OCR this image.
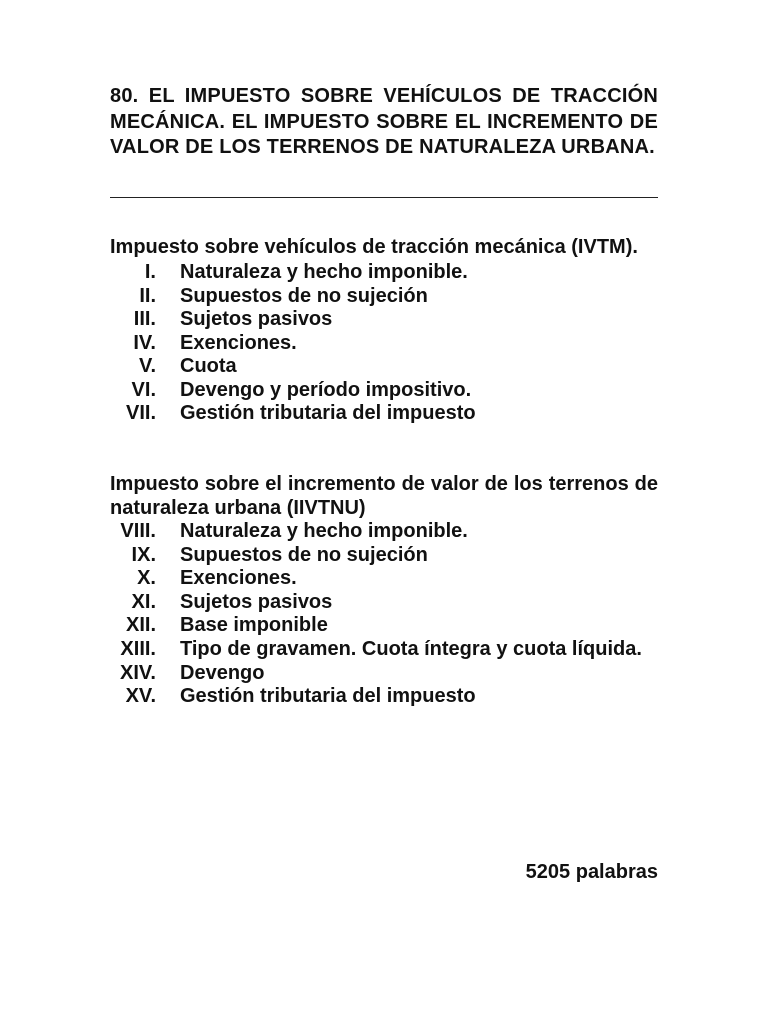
80. EL IMPUESTO SOBRE VEHÍCULOS DE TRACCIÓN MECÁNICA. EL IMPUESTO SOBRE EL INCREMENTO DE VALOR DE LOS TERRENOS DE NATURALEZA URBANA.

Impuesto sobre vehículos de tracción mecánica (IVTM).

I. Naturaleza y hecho imponible.
II. Supuestos de no sujeción
III. Sujetos pasivos
IV. Exenciones.
V. Cuota
VI. Devengo y período impositivo.
VII. Gestión tributaria del impuesto

Impuesto sobre el incremento de valor de los terrenos de naturaleza urbana (IIVTNU)

VIII. Naturaleza y hecho imponible.
IX. Supuestos de no sujeción
X. Exenciones.
XI. Sujetos pasivos
XII. Base imponible
XIII. Tipo de gravamen. Cuota íntegra y cuota líquida.
XIV. Devengo
XV. Gestión tributaria del impuesto
5205 palabras
